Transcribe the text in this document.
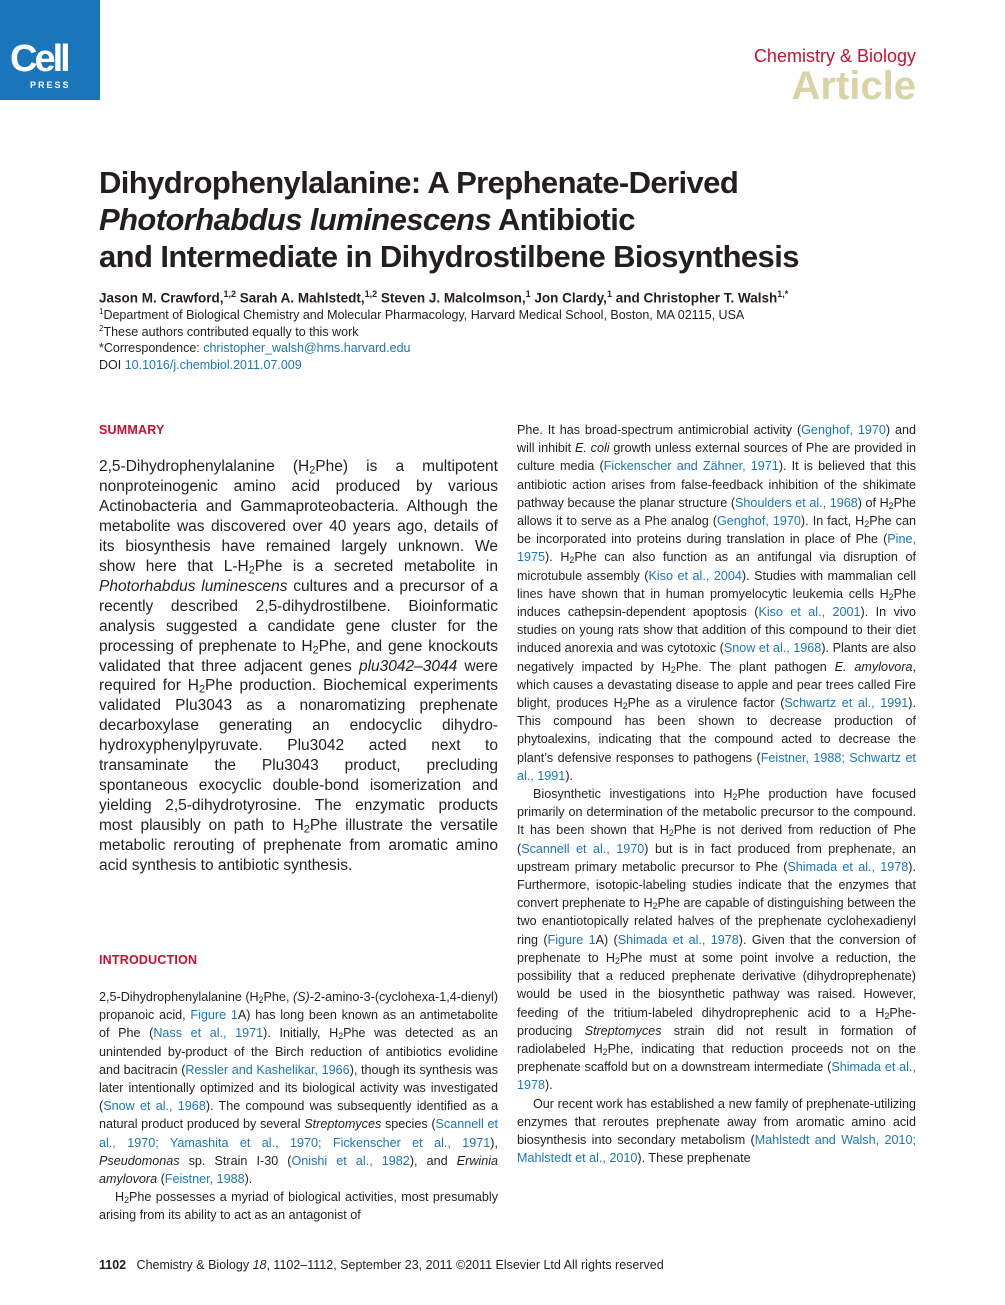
Cell
PRESS
Chemistry & Biology
Article
Dihydrophenylalanine: A Prephenate-Derived
Photorhabdus luminescens Antibiotic
and Intermediate in Dihydrostilbene Biosynthesis
Jason M. Crawford,$^{1,2}$ Sarah A. Mahlstedt,$^{1,2}$ Steven J. Malcolmson,$^1$ Jon Clardy,$^1$ and Christopher T. Walsh$^{1,*}$
$^1$Department of Biological Chemistry and Molecular Pharmacology, Harvard Medical School, Boston, MA 02115, USA
$^2$These authors contributed equally to this work
*Correspondence: christopher_walsh@hms.harvard.edu
DOI 10.1016/j.chembiol.2011.07.009
SUMMARY
2,5-Dihydrophenylalanine $(H_2Phe)$ is a multipotent nonproteinogenic amino acid produced by various Actinobacteria and Gammaproteobacteria. Although the metabolite was discovered over 40 years ago, details of its biosynthesis have remained largely unknown. We show here that $L-H_2Phe$ is a secreted metabolite in Photorhabdus luminescens cultures and a precursor of a recently described 2,5-dihydrostilbene. Bioinformatic analysis suggested a candidate gene cluster for the processing of prephenate to $H_2Phe$, and gene knockouts validated that three adjacent genes plu3042–3044 were required for $H_2Phe$ production. Biochemical experiments validated Plu3043 as a nonaromatizing prephenate decarboxylase generating an endocyclic dihydro-hydroxyphenylpyruvate. Plu3042 acted next to transaminate the Plu3043 product, precluding spontaneous exocyclic double-bond isomerization and yielding 2,5-dihydrotyrosine. The enzymatic products most plausibly on path to $H_2Phe$ illustrate the versatile metabolic rerouting of prephenate from aromatic amino acid synthesis to antibiotic synthesis.
INTRODUCTION

2,5-Dihydrophenylalanine ($H_2Phe$, (S)-2-amino-3-(cyclohexa-1,4-dienyl) propanoic acid, Figure 1A) has long been known as an antimetabolite of Phe (Nass et al., 1971). Initially, $H_2Phe$ was detected as an unintended by-product of the Birch reduction of antibiotics evolidine and bacitracin (Ressler and Kashelikar, 1966), though its synthesis was later intentionally optimized and its biological activity was investigated (Snow et al., 1968). The compound was subsequently identified as a natural product produced by several Streptomyces species (Scannell et al., 1970; Yamashita et al., 1970; Fickenscher et al., 1971), Pseudomonas sp. Strain I-30 (Onishi et al., 1982), and Erwinia amylovora (Feistner, 1988).

$H_2Phe$ possesses a myriad of biological activities, most presumably arising from its ability to act as an antagonist of

Phe. It has broad-spectrum antimicrobial activity (Genghof, 1970) and will inhibit E. coli growth unless external sources of Phe are provided in culture media (Fickenscher and Zähner, 1971). It is believed that this antibiotic action arises from false-feedback inhibition of the shikimate pathway because the planar structure (Shoulders et al., 1968) of $H_2Phe$ allows it to serve as a Phe analog (Genghof, 1970). In fact, $H_2Phe$ can be incorporated into proteins during translation in place of Phe (Pine, 1975). $H_2Phe$ can also function as an antifungal via disruption of microtubule assembly (Kiso et al., 2004). Studies with mammalian cell lines have shown that in human promyelocytic leukemia cells $H_2Phe$ induces cathepsin-dependent apoptosis (Kiso et al., 2001). In vivo studies on young rats show that addition of this compound to their diet induced anorexia and was cytotoxic (Snow et al., 1968). Plants are also negatively impacted by $H_2Phe$. The plant pathogen E. amylovora, which causes a devastating disease to apple and pear trees called Fire blight, produces $H_2Phe$ as a virulence factor (Schwartz et al., 1991). This compound has been shown to decrease production of phytoalexins, indicating that the compound acted to decrease the plant’s defensive responses to pathogens (Feistner, 1988; Schwartz et al., 1991).

Biosynthetic investigations into $H_2Phe$ production have focused primarily on determination of the metabolic precursor to the compound. It has been shown that $H_2Phe$ is not derived from reduction of Phe (Scannell et al., 1970) but is in fact produced from prephenate, an upstream primary metabolic precursor to Phe (Shimada et al., 1978). Furthermore, isotopic-labeling studies indicate that the enzymes that convert prephenate to $H_2Phe$ are capable of distinguishing between the two enantiotopically related halves of the prephenate cyclohexadienyl ring (Figure 1A) (Shimada et al., 1978). Given that the conversion of prephenate to $H_2Phe$ must at some point involve a reduction, the possibility that a reduced prephenate derivative (dihydroprephenate) would be used in the biosynthetic pathway was raised. However, feeding of the tritium-labeled dihydroprephenic acid to a $H_2Phe$-producing Streptomyces strain did not result in formation of radiolabeled $H_2Phe$, indicating that reduction proceeds not on the prephenate scaffold but on a downstream intermediate (Shimada et al., 1978).

Our recent work has established a new family of prephenate-utilizing enzymes that reroutes prephenate away from aromatic amino acid biosynthesis into secondary metabolism (Mahlstedt and Walsh, 2010; Mahlstedt et al., 2010). These prephenate

1102 Chemistry & Biology 18, 1102–1112, September 23, 2011 ©2011 Elsevier Ltd All rights reserved
